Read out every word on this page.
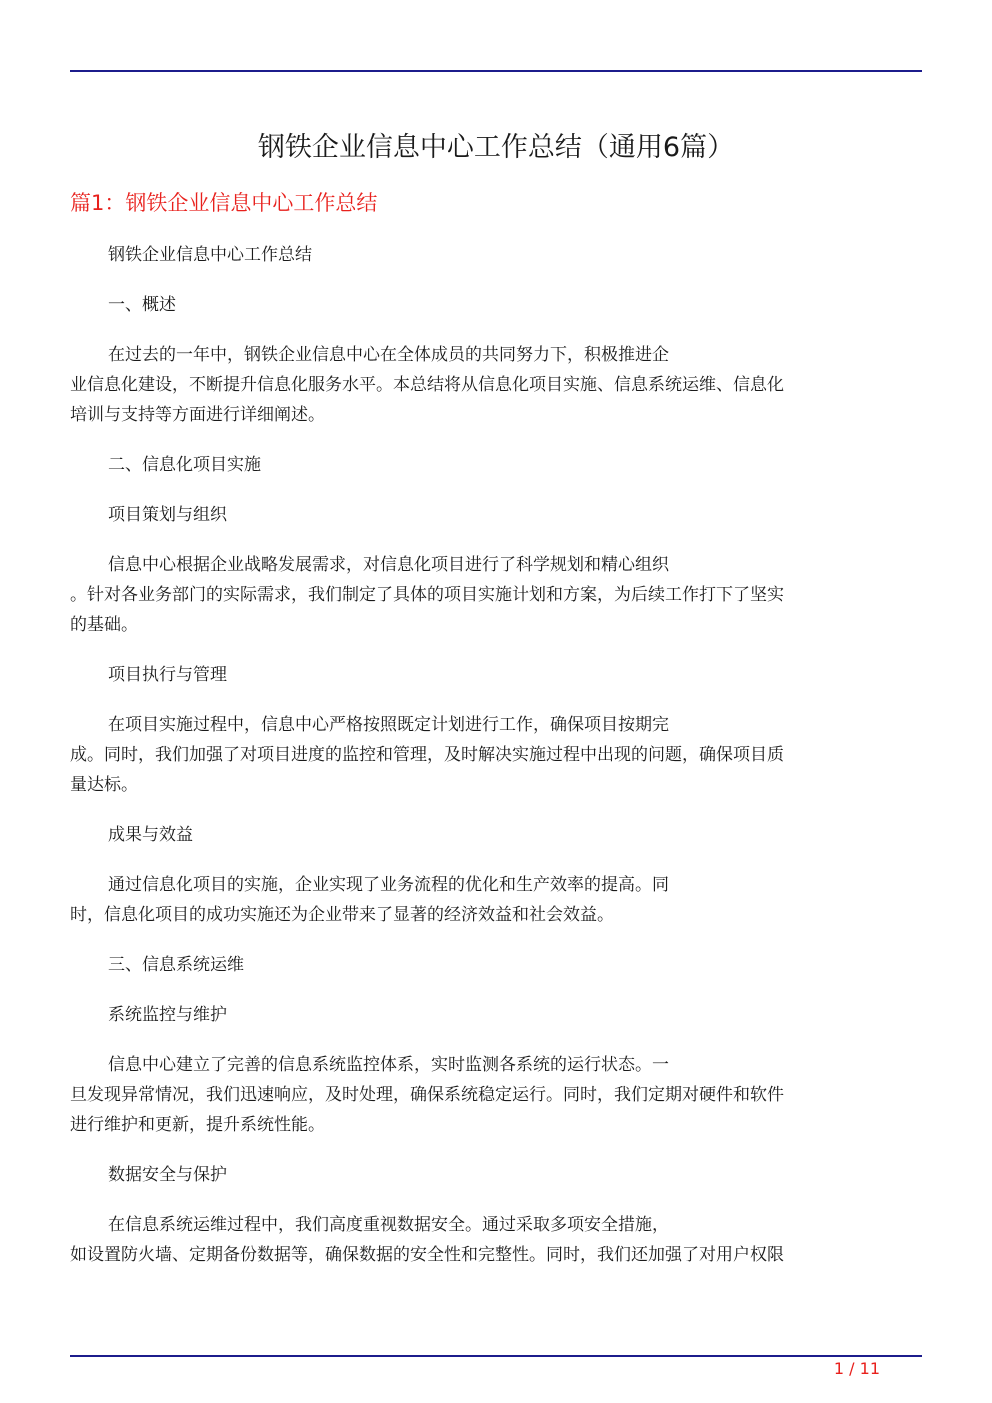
钢铁企业信息中心工作总结（通用6篇）
篇1：钢铁企业信息中心工作总结

钢铁企业信息中心工作总结

一、概述

在过去的一年中，钢铁企业信息中心在全体成员的共同努力下，积极推进企
业信息化建设，不断提升信息化服务水平。本总结将从信息化项目实施、信息系统运维、信息化
培训与支持等方面进行详细阐述。

二、信息化项目实施

项目策划与组织

信息中心根据企业战略发展需求，对信息化项目进行了科学规划和精心组织
。针对各业务部门的实际需求，我们制定了具体的项目实施计划和方案，为后续工作打下了坚实
的基础。

项目执行与管理

在项目实施过程中，信息中心严格按照既定计划进行工作，确保项目按期完
成。同时，我们加强了对项目进度的监控和管理，及时解决实施过程中出现的问题，确保项目质
量达标。

成果与效益

通过信息化项目的实施，企业实现了业务流程的优化和生产效率的提高。同
时，信息化项目的成功实施还为企业带来了显著的经济效益和社会效益。

三、信息系统运维

系统监控与维护

信息中心建立了完善的信息系统监控体系，实时监测各系统的运行状态。一
旦发现异常情况，我们迅速响应，及时处理，确保系统稳定运行。同时，我们定期对硬件和软件
进行维护和更新，提升系统性能。

数据安全与保护

在信息系统运维过程中，我们高度重视数据安全。通过采取多项安全措施，
如设置防火墙、定期备份数据等，确保数据的安全性和完整性。同时，我们还加强了对用户权限

1 / 11
